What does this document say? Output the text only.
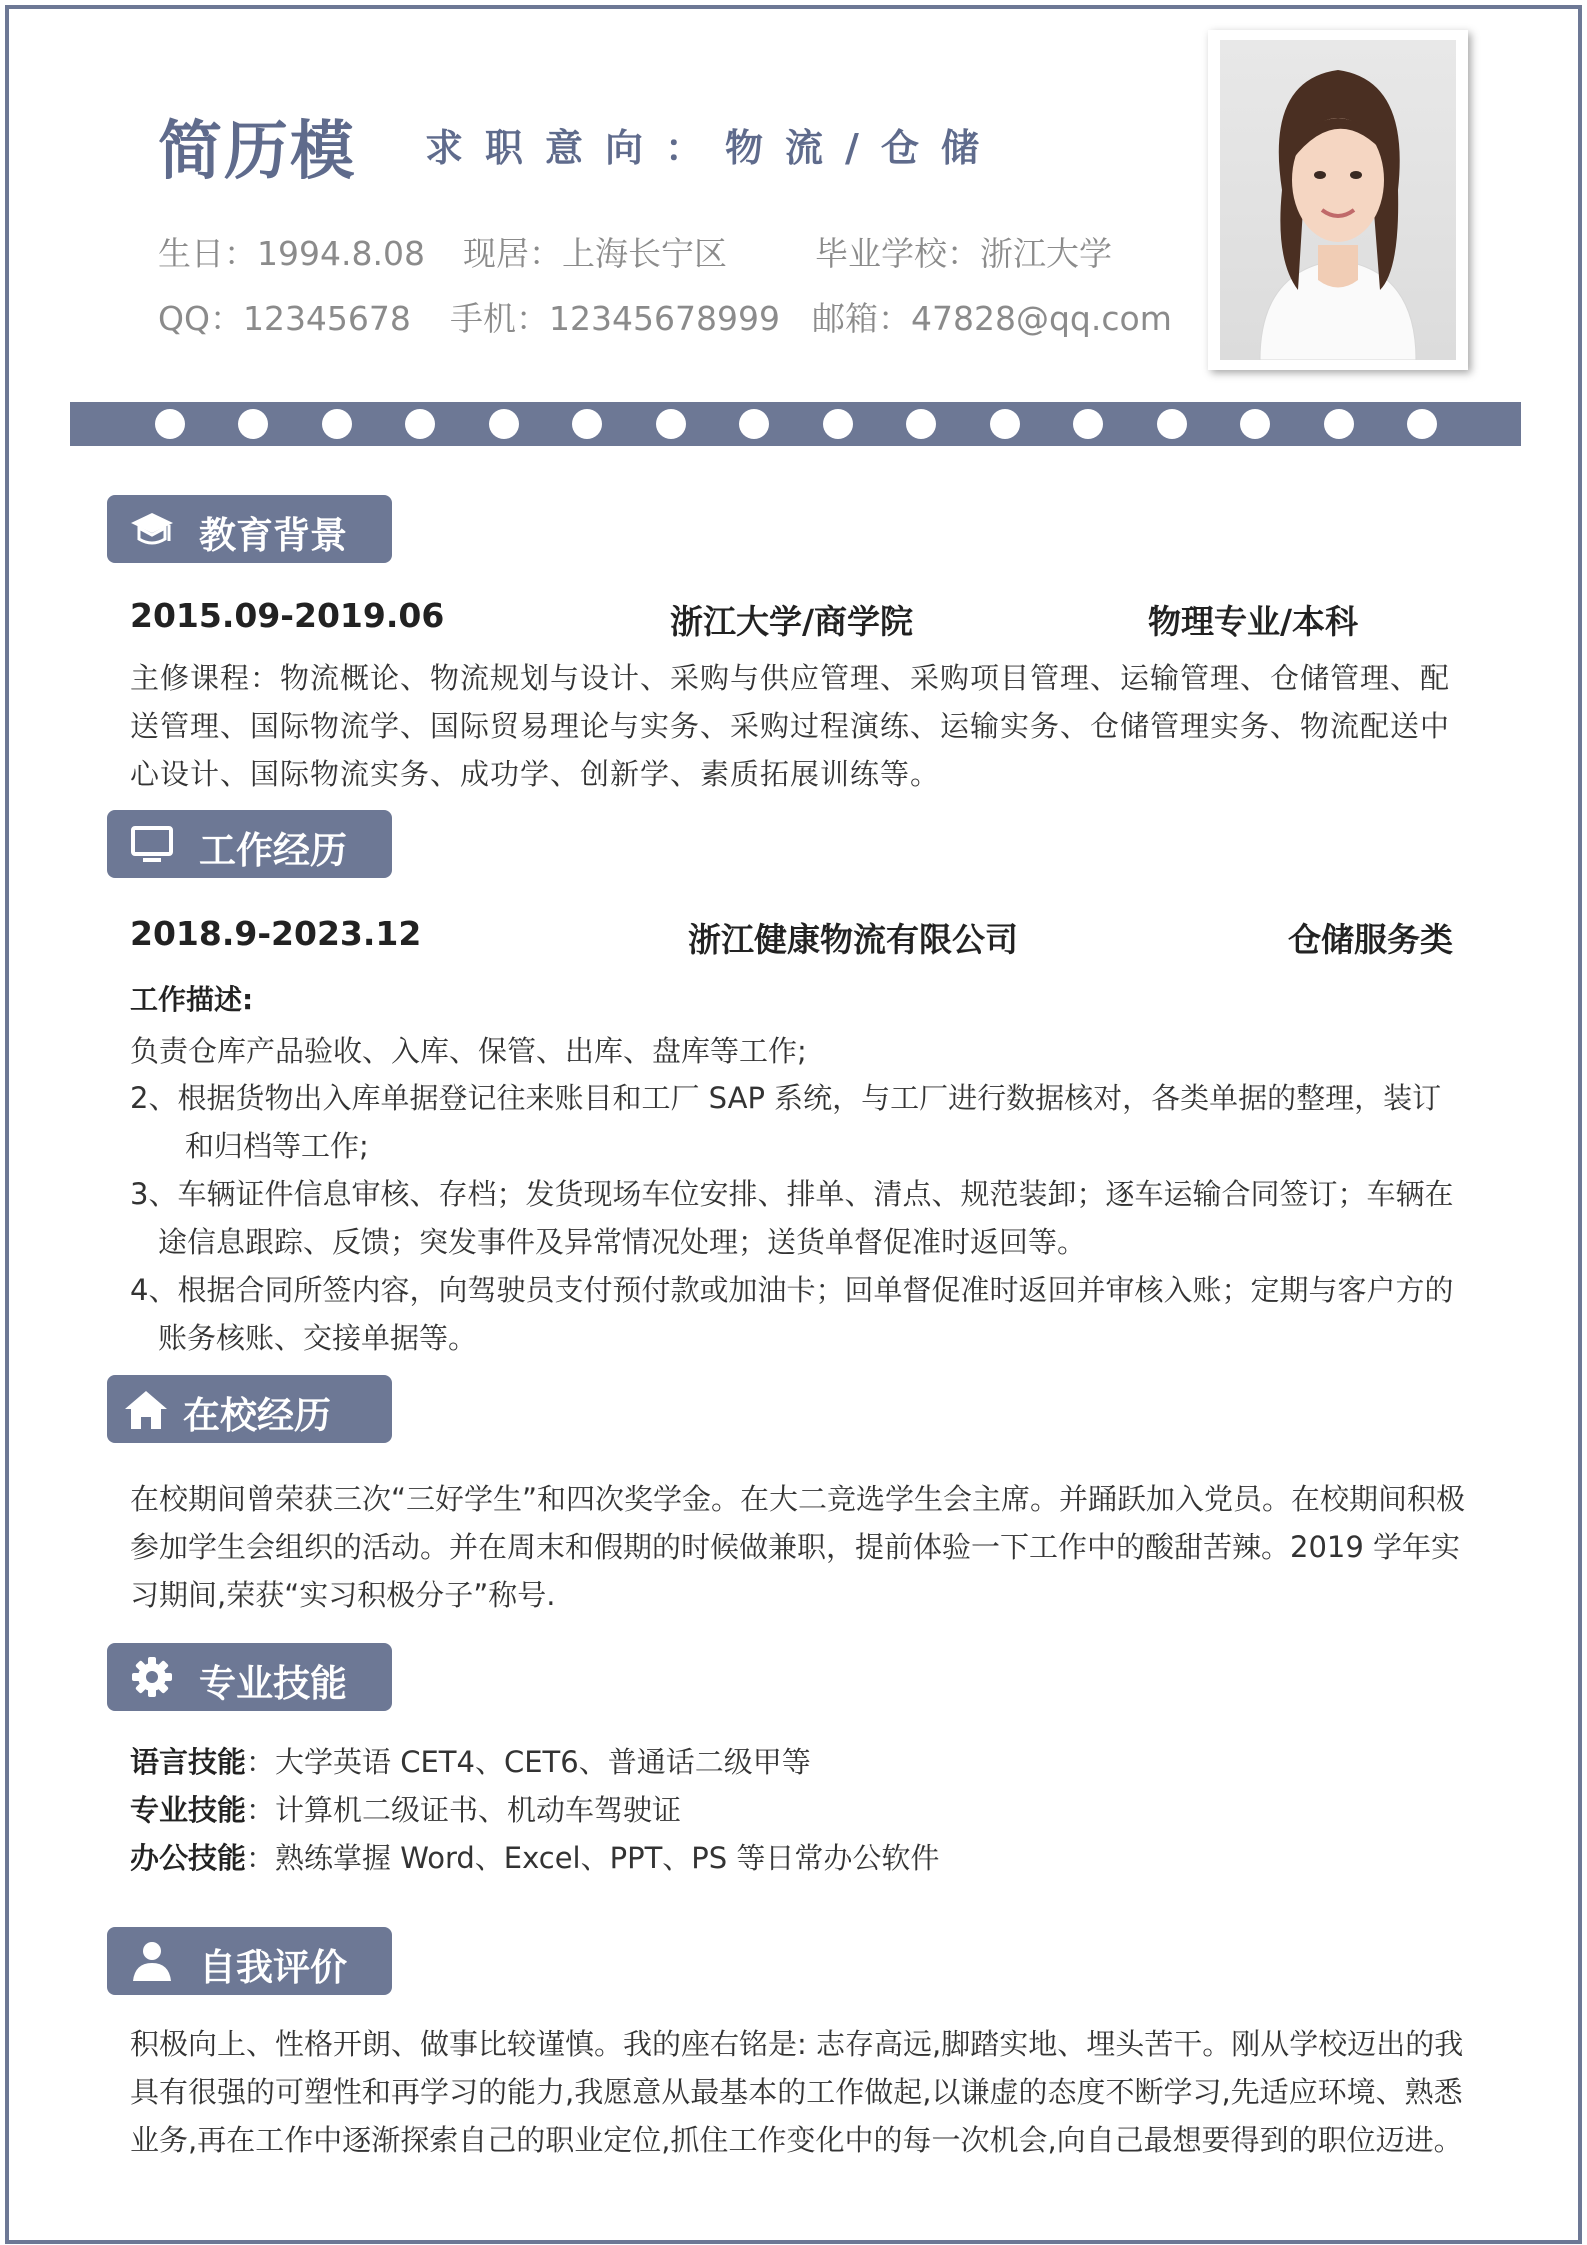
简历模 求职意向：物流/仓储
生日：1994.8.08 现居：上海长宁区	毕业学校：浙江大学
QQ：12345678 手机：12345678999 邮箱：47828@qq.com
教育背景
2015.09-2019.06	浙江大学/商学院	物理专业/本科
主修课程：物流概论、物流规划与设计、采购与供应管理、采购项目管理、运输管理、仓储管理、配送管理、国际物流学、国际贸易理论与实务、采购过程演练、运输实务、仓储管理实务、物流配送中心设计、国际物流实务、成功学、创新学、素质拓展训练等。
工作经历
2018.9-2023.12	浙江健康物流有限公司	仓储服务类
工作描述:
负责仓库产品验收、入库、保管、出库、盘库等工作;
2、根据货物出入库单据登记往来账目和工厂 SAP 系统，与工厂进行数据核对，各类单据的整理，装订和归档等工作;
3、车辆证件信息审核、存档；发货现场车位安排、排单、清点、规范装卸；逐车运输合同签订；车辆在途信息跟踪、反馈；突发事件及异常情况处理；送货单督促准时返回等。
4、根据合同所签内容，向驾驶员支付预付款或加油卡；回单督促准时返回并审核入账；定期与客户方的账务核账、交接单据等。
在校经历
在校期间曾荣获三次“三好学生”和四次奖学金。在大二竞选学生会主席。并踊跃加入党员。在校期间积极参加学生会组织的活动。并在周末和假期的时候做兼职，提前体验一下工作中的酸甜苦辣。2019 学年实习期间,荣获“实习积极分子”称号.
专业技能
语言技能：大学英语 CET4、CET6、普通话二级甲等
专业技能：计算机二级证书、机动车驾驶证
办公技能：熟练掌握 Word、Excel、PPT、PS 等日常办公软件
自我评价
积极向上、性格开朗、做事比较谨慎。我的座右铭是: 志存高远,脚踏实地、埋头苦干。刚从学校迈出的我具有很强的可塑性和再学习的能力,我愿意从最基本的工作做起,以谦虚的态度不断学习,先适应环境、熟悉业务,再在工作中逐渐探索自己的职业定位,抓住工作变化中的每一次机会,向自己最想要得到的职位迈进。
